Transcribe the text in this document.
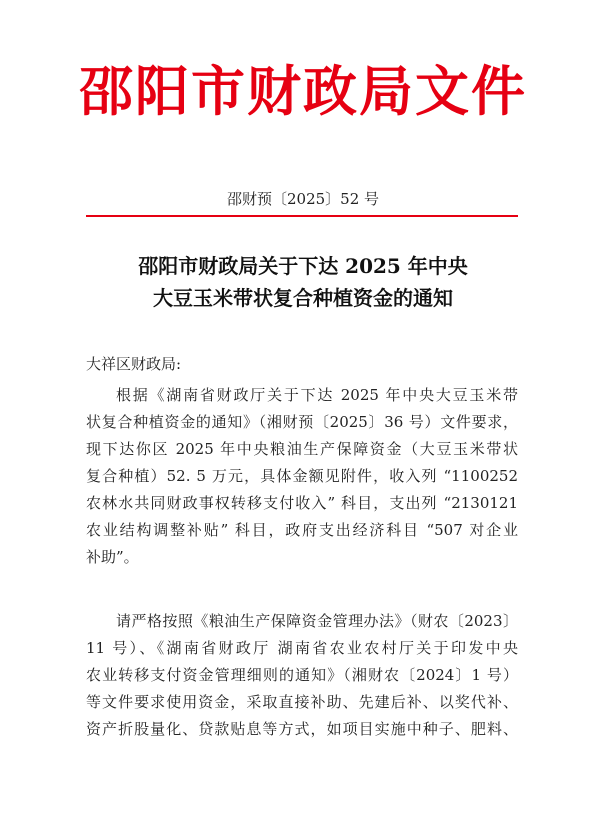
邵阳市财政局文件
邵财预〔2025〕52 号
邵阳市财政局关于下达 2025 年中央
大豆玉米带状复合种植资金的通知
大祥区财政局:
根据《湖南省财政厅关于下达 2025 年中央大豆玉米带
状复合种植资金的通知》（湘财预〔2025〕36 号）文件要求，
现下达你区 2025 年中央粮油生产保障资金（大豆玉米带状
复合种植）52. 5 万元，具体金额见附件，收入列 “1100252
农林水共同财政事权转移支付收入” 科目，支出列 “2130121
农业结构调整补贴” 科目，政府支出经济科目 “507 对企业
补助”。
请严格按照《粮油生产保障资金管理办法》（财农〔2023〕
11 号）、《湖南省财政厅 湖南省农业农村厅关于印发中央
农业转移支付资金管理细则的通知》（湘财农〔2024〕1 号）
等文件要求使用资金，采取直接补助、先建后补、以奖代补、
资产折股量化、贷款贴息等方式，如项目实施中种子、肥料、
